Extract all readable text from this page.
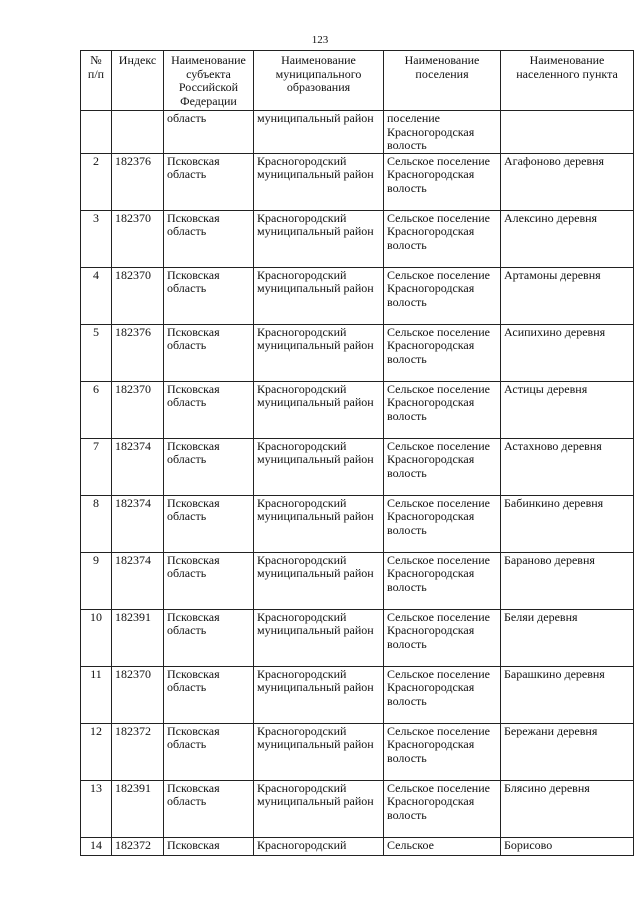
123
№ п/п	Индекс	Наименование субъекта Российской Федерации	Наименование муниципального образования	Наименование поселения	Наименование населенного пункта
		область	муниципальный район	поселение Красногородская волость	
2	182376	Псковская область	Красногородский муниципальный район	Сельское поселение Красногородская волость	Агафоново деревня
3	182370	Псковская область	Красногородский муниципальный район	Сельское поселение Красногородская волость	Алексино деревня
4	182370	Псковская область	Красногородский муниципальный район	Сельское поселение Красногородская волость	Артамоны деревня
5	182376	Псковская область	Красногородский муниципальный район	Сельское поселение Красногородская волость	Асипихино деревня
6	182370	Псковская область	Красногородский муниципальный район	Сельское поселение Красногородская волость	Астицы деревня
7	182374	Псковская область	Красногородский муниципальный район	Сельское поселение Красногородская волость	Астахново деревня
8	182374	Псковская область	Красногородский муниципальный район	Сельское поселение Красногородская волость	Бабинкино деревня
9	182374	Псковская область	Красногородский муниципальный район	Сельское поселение Красногородская волость	Бараново деревня
10	182391	Псковская область	Красногородский муниципальный район	Сельское поселение Красногородская волость	Беляи деревня
11	182370	Псковская область	Красногородский муниципальный район	Сельское поселение Красногородская волость	Барашкино деревня
12	182372	Псковская область	Красногородский муниципальный район	Сельское поселение Красногородская волость	Бережани деревня
13	182391	Псковская область	Красногородский муниципальный район	Сельское поселение Красногородская волость	Блясино деревня
14	182372	Псковская	Красногородский	Сельское	Борисово
